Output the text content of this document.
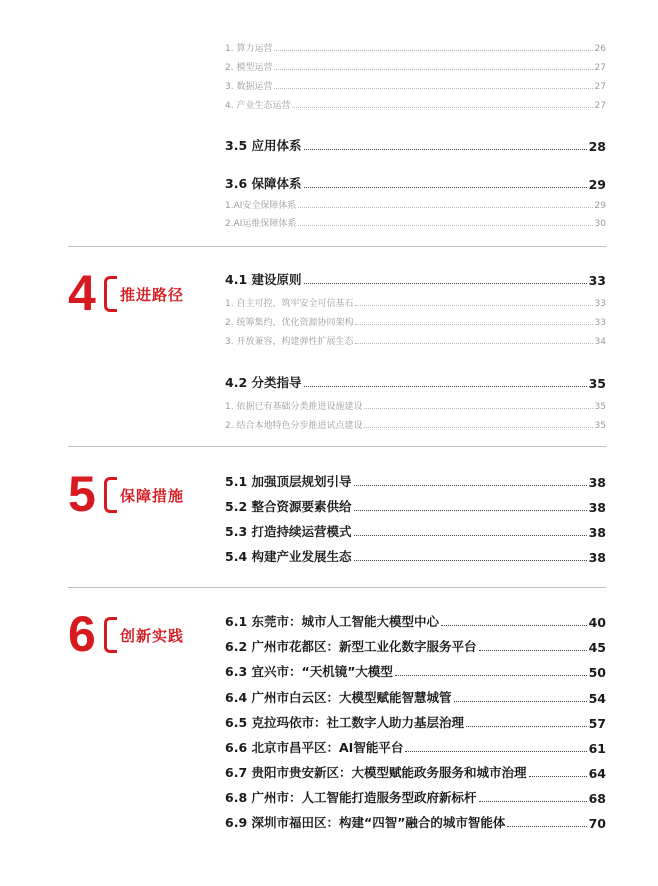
1. 算力运营	26
2. 模型运营	27
3. 数据运营	27
4. 产业生态运营	27
3.5 应用体系	28
3.6 保障体系	29
1.AI安全保障体系	29
2.AI运维保障体系	30
4 推进路径
4.1 建设原则	33
1. 自主可控，筑牢安全可信基石	33
2. 统筹集约，优化资源协同架构	33
3. 开放兼容，构建弹性扩展生态	34
4.2 分类指导	35
1. 依据已有基础分类推进设施建设	35
2. 结合本地特色分步推进试点建设	35
5 保障措施
5.1 加强顶层规划引导	38
5.2 整合资源要素供给	38
5.3 打造持续运营模式	38
5.4 构建产业发展生态	38
6 创新实践
6.1 东莞市：城市人工智能大模型中心	40
6.2 广州市花都区：新型工业化数字服务平台	45
6.3 宜兴市：“天机镜”大模型	50
6.4 广州市白云区：大模型赋能智慧城管	54
6.5 克拉玛依市：社工数字人助力基层治理	57
6.6 北京市昌平区：AI智能平台	61
6.7 贵阳市贵安新区：大模型赋能政务服务和城市治理	64
6.8 广州市：人工智能打造服务型政府新标杆	68
6.9 深圳市福田区：构建“四智”融合的城市智能体	70
